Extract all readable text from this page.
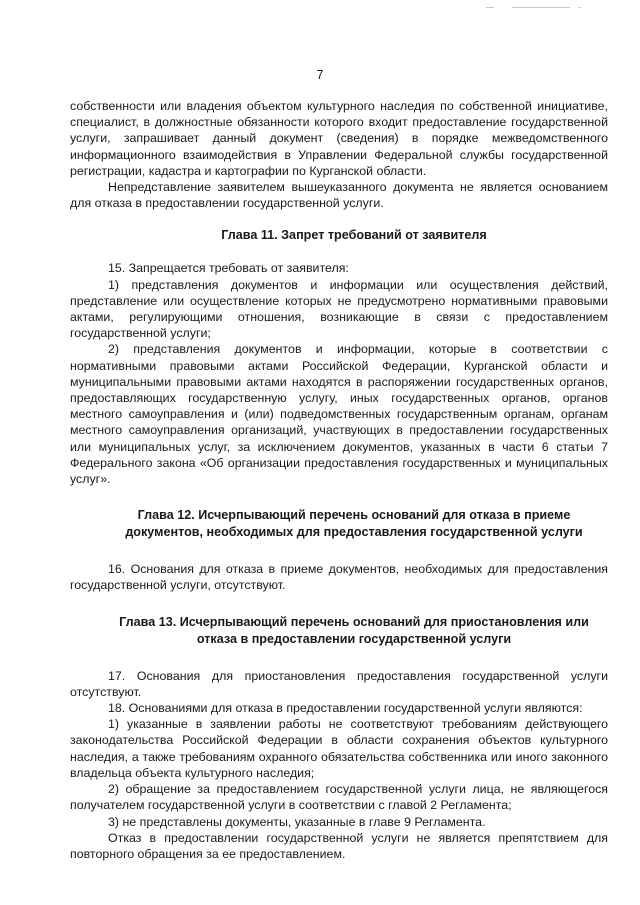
7

собственности или владения объектом культурного наследия по собственной инициативе, специалист, в должностные обязанности которого входит предоставление государственной услуги, запрашивает данный документ (сведения) в порядке межведомственного информационного взаимодействия в Управлении Федеральной службы государственной регистрации, кадастра и картографии по Курганской области.

Непредставление заявителем вышеуказанного документа не является основанием для отказа в предоставлении государственной услуги.

Глава 11. Запрет требований от заявителя

15. Запрещается требовать от заявителя:

1) представления документов и информации или осуществления действий, представление или осуществление которых не предусмотрено нормативными правовыми актами, регулирующими отношения, возникающие в связи с предоставлением государственной услуги;

2) представления документов и информации, которые в соответствии с нормативными правовыми актами Российской Федерации, Курганской области и муниципальными правовыми актами находятся в распоряжении государственных органов, предоставляющих государственную услугу, иных государственных органов, органов местного самоуправления и (или) подведомственных государственным органам, органам местного самоуправления организаций, участвующих в предоставлении государственных или муниципальных услуг, за исключением документов, указанных в части 6 статьи 7 Федерального закона «Об организации предоставления государственных и муниципальных услуг».

Глава 12. Исчерпывающий перечень оснований для отказа в приеме документов, необходимых для предоставления государственной услуги

16. Основания для отказа в приеме документов, необходимых для предоставления государственной услуги, отсутствуют.

Глава 13. Исчерпывающий перечень оснований для приостановления или отказа в предоставлении государственной услуги

17. Основания для приостановления предоставления государственной услуги отсутствуют.

18. Основаниями для отказа в предоставлении государственной услуги являются:

1) указанные в заявлении работы не соответствуют требованиям действующего законодательства Российской Федерации в области сохранения объектов культурного наследия, а также требованиям охранного обязательства собственника или иного законного владельца объекта культурного наследия;

2) обращение за предоставлением государственной услуги лица, не являющегося получателем государственной услуги в соответствии с главой 2 Регламента;

3) не представлены документы, указанные в главе 9 Регламента.

Отказ в предоставлении государственной услуги не является препятствием для повторного обращения за ее предоставлением.
